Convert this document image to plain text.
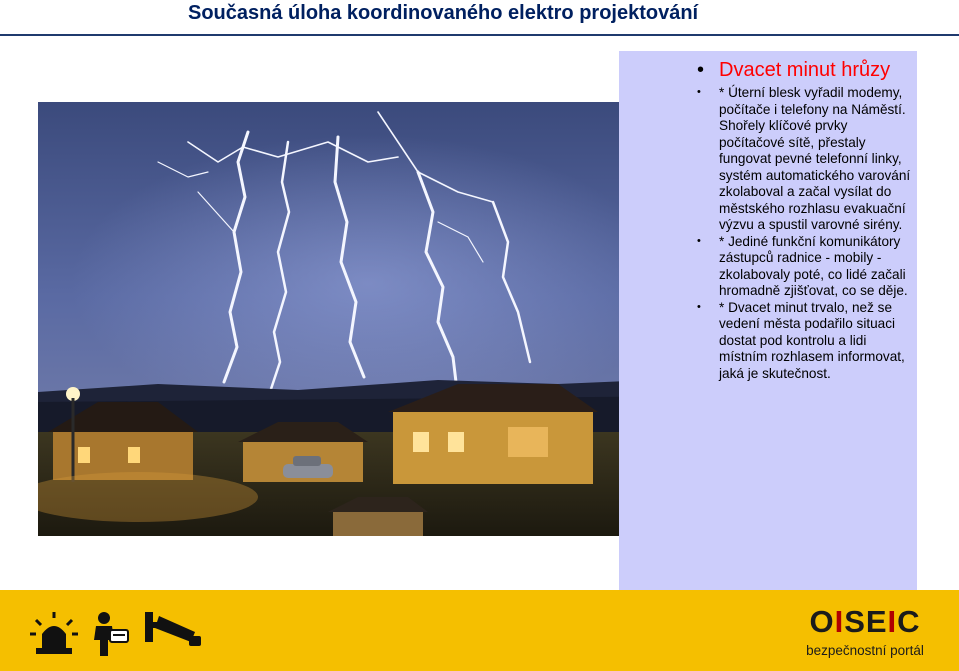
Současná úloha koordinovaného elektro projektování
• Dvacet minut hrůzy
• * Úterní blesk vyřadil modemy, počítače i telefony na Náměstí. Shořely klíčové prvky počítačové sítě, přestaly fungovat pevné telefonní linky, systém automatického varování zkolaboval a začal vysílat do městského rozhlasu evakuační výzvu a spustil varovné sirény.
• * Jediné funkční komunikátory zástupců radnice - mobily - zkolabovaly poté, co lidé začali hromadně zjišťovat, co se děje.
• * Dvacet minut trvalo, než se vedení města podařilo situaci dostat pod kontrolu a lidi místním rozhlasem informovat, jaká je skutečnost.

OISEIC
bezpečnostní portál
